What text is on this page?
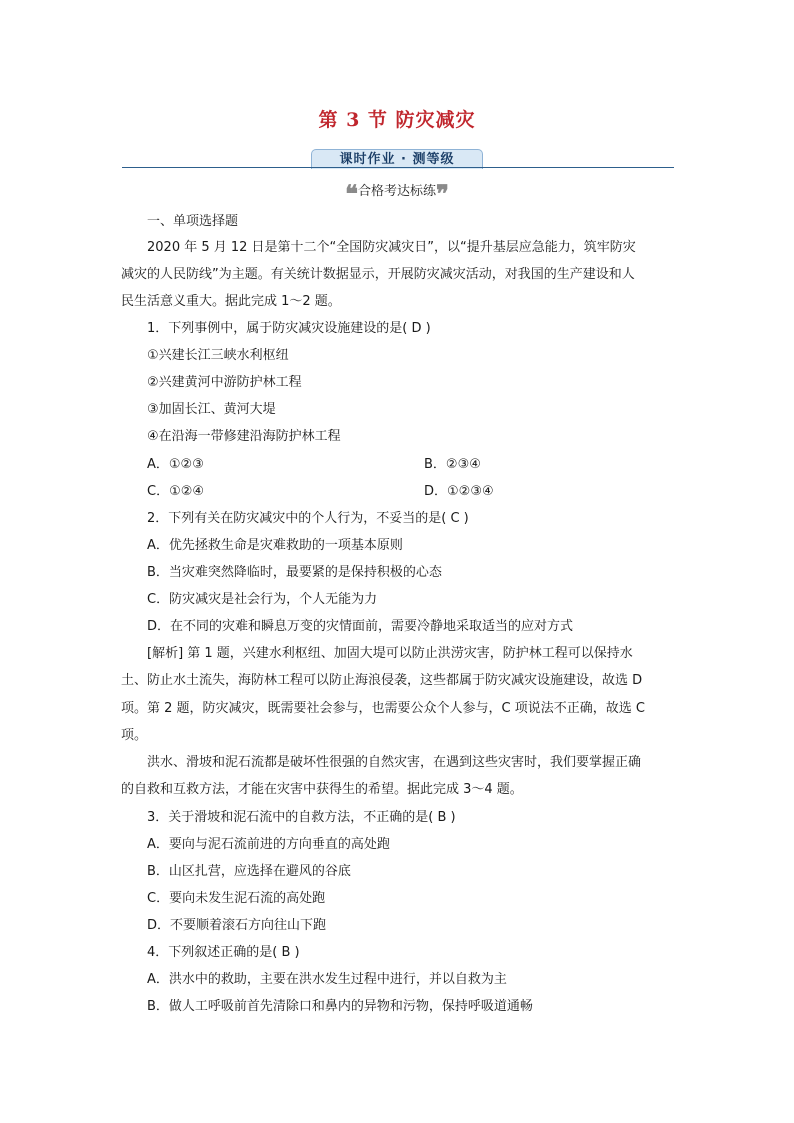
第 3 节 防灾减灾
课时作业 · 测等级
❝合格考达标练❞
一、单项选择题
2020 年 5 月 12 日是第十二个“全国防灾减灾日”，以“提升基层应急能力，筑牢防灾
减灾的人民防线”为主题。有关统计数据显示，开展防灾减灾活动，对我国的生产建设和人
民生活意义重大。据此完成 1～2 题。
1．下列事例中，属于防灾减灾设施建设的是( D )
①兴建长江三峡水利枢纽
②兴建黄河中游防护林工程
③加固长江、黄河大堤
④在沿海一带修建沿海防护林工程
A．①②③	B．②③④
C．①②④	D．①②③④
2．下列有关在防灾减灾中的个人行为，不妥当的是( C )
A．优先拯救生命是灾难救助的一项基本原则
B．当灾难突然降临时，最要紧的是保持积极的心态
C．防灾减灾是社会行为，个人无能为力
D．在不同的灾难和瞬息万变的灾情面前，需要冷静地采取适当的应对方式
[解析] 第 1 题，兴建水利枢纽、加固大堤可以防止洪涝灾害，防护林工程可以保持水
土、防止水土流失，海防林工程可以防止海浪侵袭，这些都属于防灾减灾设施建设，故选 D
项。第 2 题，防灾减灾，既需要社会参与，也需要公众个人参与，C 项说法不正确，故选 C
项。
洪水、滑坡和泥石流都是破坏性很强的自然灾害，在遇到这些灾害时，我们要掌握正确
的自救和互救方法，才能在灾害中获得生的希望。据此完成 3～4 题。
3．关于滑坡和泥石流中的自救方法，不正确的是( B )
A．要向与泥石流前进的方向垂直的高处跑
B．山区扎营，应选择在避风的谷底
C．要向未发生泥石流的高处跑
D．不要顺着滚石方向往山下跑
4．下列叙述正确的是( B )
A．洪水中的救助，主要在洪水发生过程中进行，并以自救为主
B．做人工呼吸前首先清除口和鼻内的异物和污物，保持呼吸道通畅
